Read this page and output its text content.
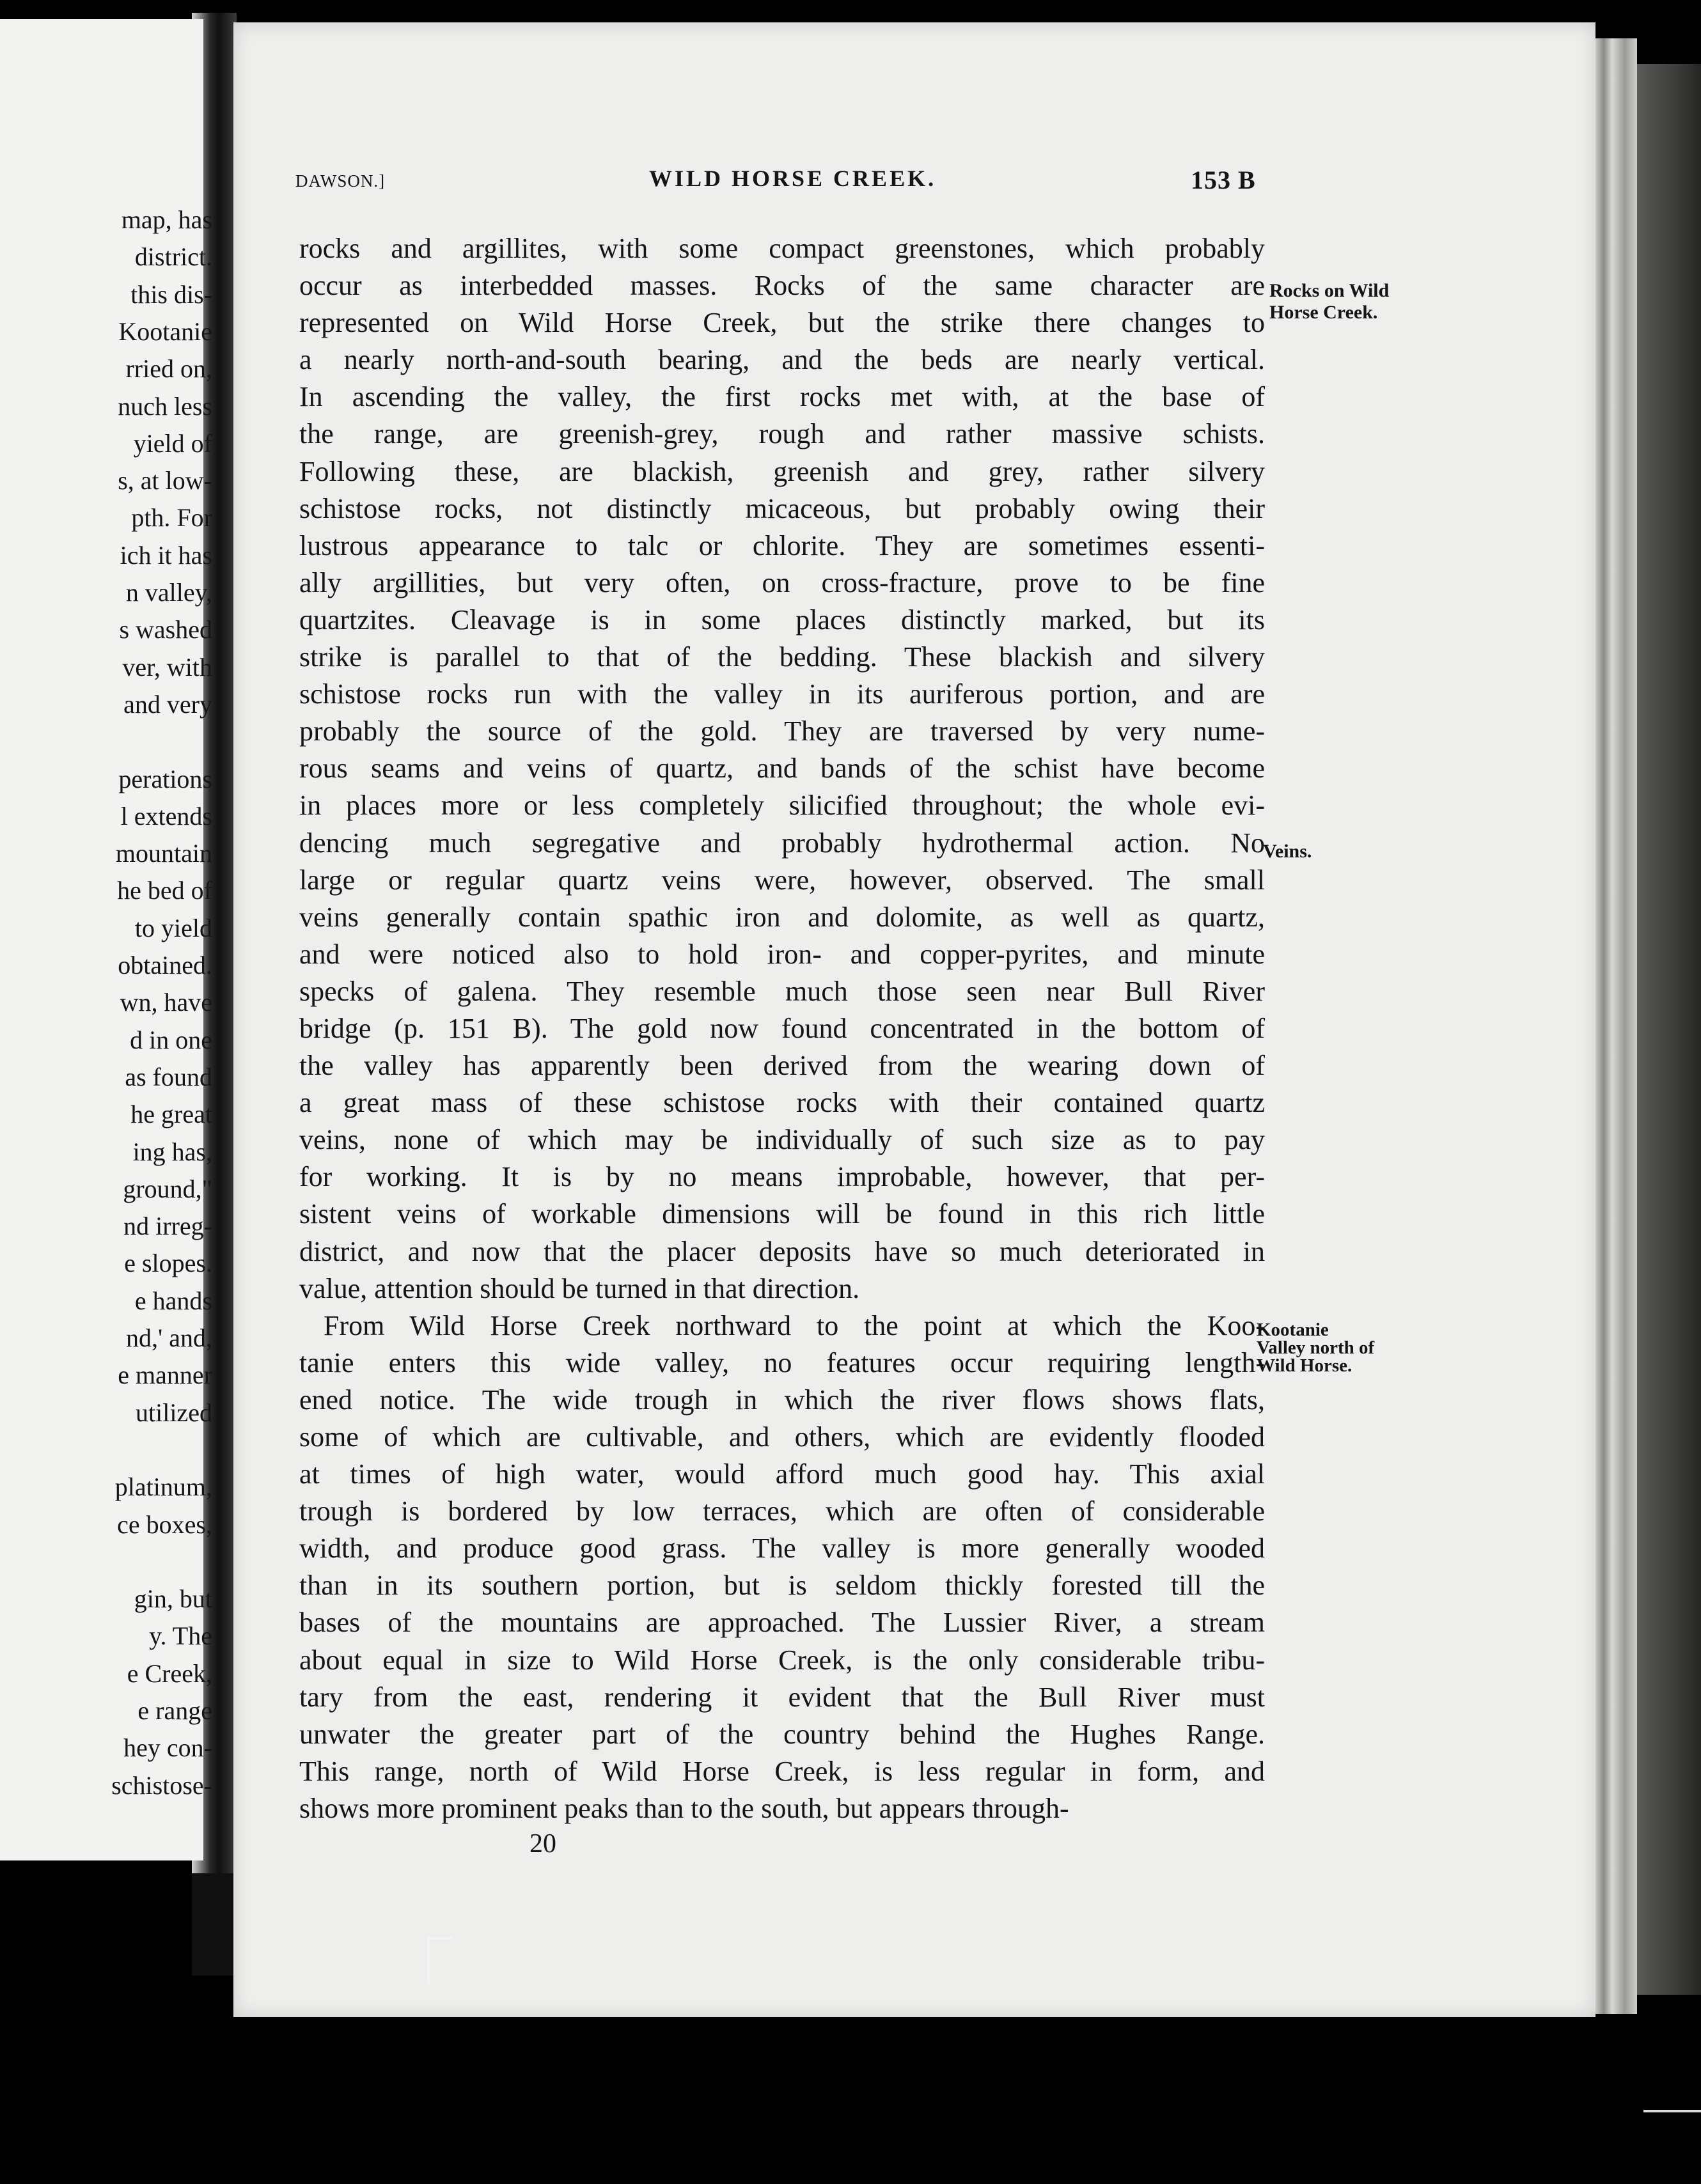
map, has
district.
this dis-
Kootanie
rried on,
nuch less
yield of
s, at low-
pth. For
ich it has
n valley,
s washed
ver, with
and very
perations
l extends
mountain
he bed of
to yield
obtained.
wn, have
d in one
as found
he great
ing has,
ground,"
nd irreg-
e slopes.
e hands
nd,' and,
e manner
utilized
platinum,
ce boxes,
gin, but
y. The
e Creek,
e range
hey con-
schistose-
DAWSON.]	WILD HORSE CREEK.	153 B
rocks and argillites, with some compact greenstones, which probably
occur as interbedded masses. Rocks of the same character are
represented on Wild Horse Creek, but the strike there changes to
a nearly north-and-south bearing, and the beds are nearly vertical.
In ascending the valley, the first rocks met with, at the base of
the range, are greenish-grey, rough and rather massive schists.
Following these, are blackish, greenish and grey, rather silvery
schistose rocks, not distinctly micaceous, but probably owing their
lustrous appearance to talc or chlorite. They are sometimes essenti-
ally argillities, but very often, on cross-fracture, prove to be fine
quartzites. Cleavage is in some places distinctly marked, but its
strike is parallel to that of the bedding. These blackish and silvery
schistose rocks run with the valley in its auriferous portion, and are
probably the source of the gold. They are traversed by very nume-
rous seams and veins of quartz, and bands of the schist have become
in places more or less completely silicified throughout; the whole evi-
dencing much segregative and probably hydrothermal action. No
large or regular quartz veins were, however, observed. The small
veins generally contain spathic iron and dolomite, as well as quartz,
and were noticed also to hold iron- and copper-pyrites, and minute
specks of galena. They resemble much those seen near Bull River
bridge (p. 151 B). The gold now found concentrated in the bottom of
the valley has apparently been derived from the wearing down of
a great mass of these schistose rocks with their contained quartz
veins, none of which may be individually of such size as to pay
for working. It is by no means improbable, however, that per-
sistent veins of workable dimensions will be found in this rich little
district, and now that the placer deposits have so much deteriorated in
value, attention should be turned in that direction.
From Wild Horse Creek northward to the point at which the Koo-
tanie enters this wide valley, no features occur requiring length-
ened notice. The wide trough in which the river flows shows flats,
some of which are cultivable, and others, which are evidently flooded
at times of high water, would afford much good hay. This axial
trough is bordered by low terraces, which are often of considerable
width, and produce good grass. The valley is more generally wooded
than in its southern portion, but is seldom thickly forested till the
bases of the mountains are approached. The Lussier River, a stream
about equal in size to Wild Horse Creek, is the only considerable tribu-
tary from the east, rendering it evident that the Bull River must
unwater the greater part of the country behind the Hughes Range.
This range, north of Wild Horse Creek, is less regular in form, and
shows more prominent peaks than to the south, but appears through-
Rocks on Wild
Horse Creek.
Veins.
Kootanie
Valley north of
Wild Horse.
20
